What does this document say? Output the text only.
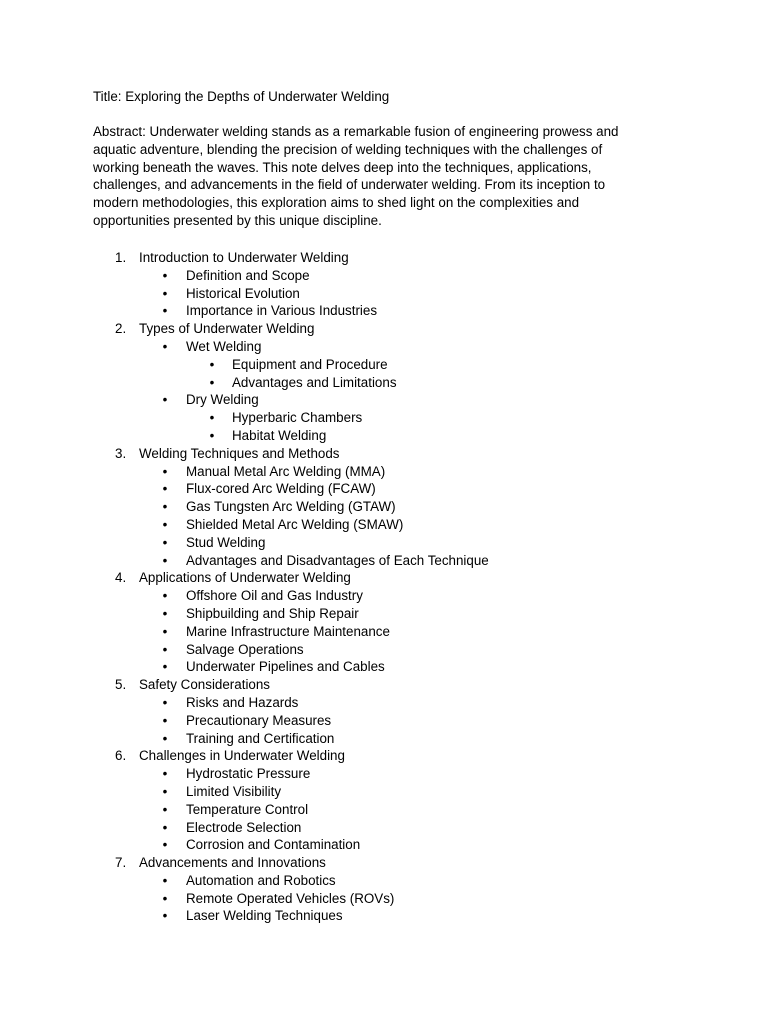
Title: Exploring the Depths of Underwater Welding
Abstract: Underwater welding stands as a remarkable fusion of engineering prowess and
aquatic adventure, blending the precision of welding techniques with the challenges of
working beneath the waves. This note delves deep into the techniques, applications,
challenges, and advancements in the field of underwater welding. From its inception to
modern methodologies, this exploration aims to shed light on the complexities and
opportunities presented by this unique discipline.
1. Introduction to Underwater Welding
• Definition and Scope
• Historical Evolution
• Importance in Various Industries
2. Types of Underwater Welding
• Wet Welding
• Equipment and Procedure
• Advantages and Limitations
• Dry Welding
• Hyperbaric Chambers
• Habitat Welding
3. Welding Techniques and Methods
• Manual Metal Arc Welding (MMA)
• Flux-cored Arc Welding (FCAW)
• Gas Tungsten Arc Welding (GTAW)
• Shielded Metal Arc Welding (SMAW)
• Stud Welding
• Advantages and Disadvantages of Each Technique
4. Applications of Underwater Welding
• Offshore Oil and Gas Industry
• Shipbuilding and Ship Repair
• Marine Infrastructure Maintenance
• Salvage Operations
• Underwater Pipelines and Cables
5. Safety Considerations
• Risks and Hazards
• Precautionary Measures
• Training and Certification
6. Challenges in Underwater Welding
• Hydrostatic Pressure
• Limited Visibility
• Temperature Control
• Electrode Selection
• Corrosion and Contamination
7. Advancements and Innovations
• Automation and Robotics
• Remote Operated Vehicles (ROVs)
• Laser Welding Techniques
